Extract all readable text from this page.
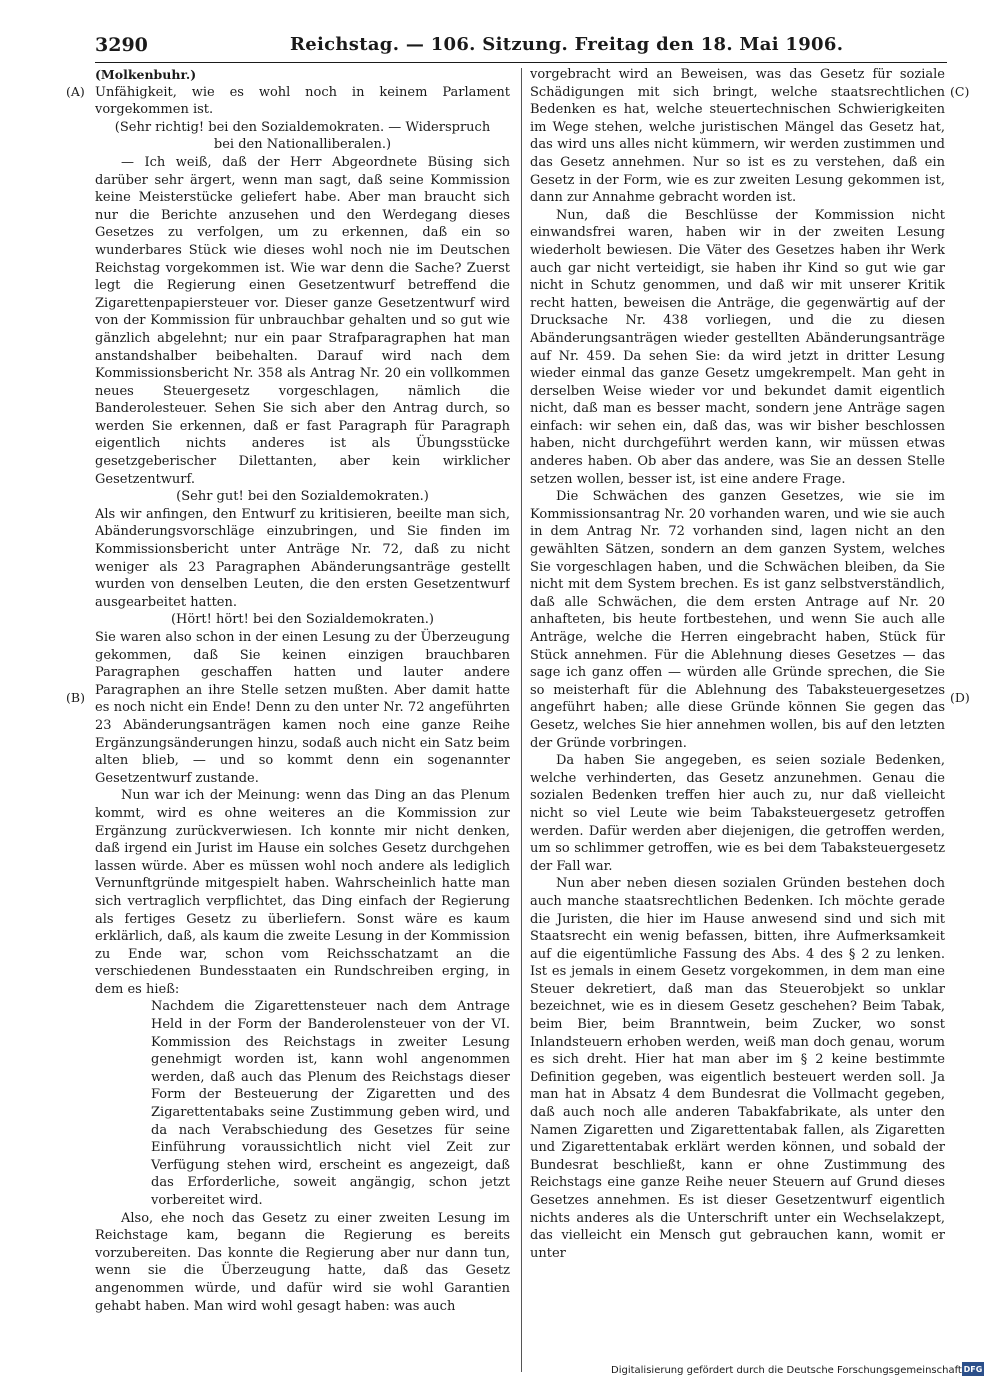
3290	Reichstag. — 106. Sitzung. Freitag den 18. Mai 1906.
(A)
(B)
(C)
(D)

(Molkenbuhr.)

Unfähigkeit, wie es wohl noch in keinem Parlament vorgekommen ist.

(Sehr richtig! bei den Sozialdemokraten. — Widerspruch bei den Nationalliberalen.)

— Ich weiß, daß der Herr Abgeordnete Büsing sich darüber sehr ärgert, wenn man sagt, daß seine Kommission keine Meisterstücke geliefert habe. Aber man braucht sich nur die Berichte anzusehen und den Werdegang dieses Gesetzes zu verfolgen, um zu erkennen, daß ein so wunderbares Stück wie dieses wohl noch nie im Deutschen Reichstag vorgekommen ist. Wie war denn die Sache? Zuerst legt die Regierung einen Gesetzentwurf betreffend die Zigarettenpapiersteuer vor. Dieser ganze Gesetzentwurf wird von der Kommission für unbrauchbar gehalten und so gut wie gänzlich abgelehnt; nur ein paar Strafparagraphen hat man anstandshalber beibehalten. Darauf wird nach dem Kommissionsbericht Nr. 358 als Antrag Nr. 20 ein vollkommen neues Steuergesetz vorgeschlagen, nämlich die Banderolesteuer. Sehen Sie sich aber den Antrag durch, so werden Sie erkennen, daß er fast Paragraph für Paragraph eigentlich nichts anderes ist als Übungsstücke gesetzgeberischer Dilettanten, aber kein wirklicher Gesetzentwurf.

(Sehr gut! bei den Sozialdemokraten.)

Als wir anfingen, den Entwurf zu kritisieren, beeilte man sich, Abänderungsvorschläge einzubringen, und Sie finden im Kommissionsbericht unter Anträge Nr. 72, daß zu nicht weniger als 23 Paragraphen Abänderungsanträge gestellt wurden von denselben Leuten, die den ersten Gesetzentwurf ausgearbeitet hatten.

(Hört! hört! bei den Sozialdemokraten.)

Sie waren also schon in der einen Lesung zu der Überzeugung gekommen, daß Sie keinen einzigen brauchbaren Paragraphen geschaffen hatten und lauter andere Paragraphen an ihre Stelle setzen mußten. Aber damit hatte es noch nicht ein Ende! Denn zu den unter Nr. 72 angeführten 23 Abänderungsanträgen kamen noch eine ganze Reihe Ergänzungsänderungen hinzu, sodaß auch nicht ein Satz beim alten blieb, — und so kommt denn ein sogenannter Gesetzentwurf zustande.

Nun war ich der Meinung: wenn das Ding an das Plenum kommt, wird es ohne weiteres an die Kommission zur Ergänzung zurückverwiesen. Ich konnte mir nicht denken, daß irgend ein Jurist im Hause ein solches Gesetz durchgehen lassen würde. Aber es müssen wohl noch andere als lediglich Vernunftgründe mitgespielt haben. Wahrscheinlich hatte man sich vertraglich verpflichtet, das Ding einfach der Regierung als fertiges Gesetz zu überliefern. Sonst wäre es kaum erklärlich, daß, als kaum die zweite Lesung in der Kommission zu Ende war, schon vom Reichsschatzamt an die verschiedenen Bundesstaaten ein Rundschreiben erging, in dem es hieß:

Nachdem die Zigarettensteuer nach dem Antrage Held in der Form der Banderolensteuer von der VI. Kommission des Reichstags in zweiter Lesung genehmigt worden ist, kann wohl angenommen werden, daß auch das Plenum des Reichstags dieser Form der Besteuerung der Zigaretten und des Zigarettentabaks seine Zustimmung geben wird, und da nach Verabschiedung des Gesetzes für seine Einführung voraussichtlich nicht viel Zeit zur Verfügung stehen wird, erscheint es angezeigt, daß das Erforderliche, soweit angängig, schon jetzt vorbereitet wird.

Also, ehe noch das Gesetz zu einer zweiten Lesung im Reichstage kam, begann die Regierung es bereits vorzubereiten. Das konnte die Regierung aber nur dann tun, wenn sie die Überzeugung hatte, daß das Gesetz angenommen würde, und dafür wird sie wohl Garantien gehabt haben. Man wird wohl gesagt haben: was auch

vorgebracht wird an Beweisen, was das Gesetz für soziale Schädigungen mit sich bringt, welche staatsrechtlichen Bedenken es hat, welche steuertechnischen Schwierigkeiten im Wege stehen, welche juristischen Mängel das Gesetz hat, das wird uns alles nicht kümmern, wir werden zustimmen und das Gesetz annehmen. Nur so ist es zu verstehen, daß ein Gesetz in der Form, wie es zur zweiten Lesung gekommen ist, dann zur Annahme gebracht worden ist.

Nun, daß die Beschlüsse der Kommission nicht einwandsfrei waren, haben wir in der zweiten Lesung wiederholt bewiesen. Die Väter des Gesetzes haben ihr Werk auch gar nicht verteidigt, sie haben ihr Kind so gut wie gar nicht in Schutz genommen, und daß wir mit unserer Kritik recht hatten, beweisen die Anträge, die gegenwärtig auf der Drucksache Nr. 438 vorliegen, und die zu diesen Abänderungsanträgen wieder gestellten Abänderungsanträge auf Nr. 459. Da sehen Sie: da wird jetzt in dritter Lesung wieder einmal das ganze Gesetz umgekrempelt. Man geht in derselben Weise wieder vor und bekundet damit eigentlich nicht, daß man es besser macht, sondern jene Anträge sagen einfach: wir sehen ein, daß das, was wir bisher beschlossen haben, nicht durchgeführt werden kann, wir müssen etwas anderes haben. Ob aber das andere, was Sie an dessen Stelle setzen wollen, besser ist, ist eine andere Frage.

Die Schwächen des ganzen Gesetzes, wie sie im Kommissionsantrag Nr. 20 vorhanden waren, und wie sie auch in dem Antrag Nr. 72 vorhanden sind, lagen nicht an den gewählten Sätzen, sondern an dem ganzen System, welches Sie vorgeschlagen haben, und die Schwächen bleiben, da Sie nicht mit dem System brechen. Es ist ganz selbstverständlich, daß alle Schwächen, die dem ersten Antrage auf Nr. 20 anhafteten, bis heute fortbestehen, und wenn Sie auch alle Anträge, welche die Herren eingebracht haben, Stück für Stück annehmen. Für die Ablehnung dieses Gesetzes — das sage ich ganz offen — würden alle Gründe sprechen, die Sie so meisterhaft für die Ablehnung des Tabaksteuergesetzes angeführt haben; alle diese Gründe können Sie gegen das Gesetz, welches Sie hier annehmen wollen, bis auf den letzten der Gründe vorbringen.

Da haben Sie angegeben, es seien soziale Bedenken, welche verhinderten, das Gesetz anzunehmen. Genau die sozialen Bedenken treffen hier auch zu, nur daß vielleicht nicht so viel Leute wie beim Tabaksteuergesetz getroffen werden. Dafür werden aber diejenigen, die getroffen werden, um so schlimmer getroffen, wie es bei dem Tabaksteuergesetz der Fall war.

Nun aber neben diesen sozialen Gründen bestehen doch auch manche staatsrechtlichen Bedenken. Ich möchte gerade die Juristen, die hier im Hause anwesend sind und sich mit Staatsrecht ein wenig befassen, bitten, ihre Aufmerksamkeit auf die eigentümliche Fassung des Abs. 4 des § 2 zu lenken. Ist es jemals in einem Gesetz vorgekommen, in dem man eine Steuer dekretiert, daß man das Steuerobjekt so unklar bezeichnet, wie es in diesem Gesetz geschehen? Beim Tabak, beim Bier, beim Branntwein, beim Zucker, wo sonst Inlandsteuern erhoben werden, weiß man doch genau, worum es sich dreht. Hier hat man aber im § 2 keine bestimmte Definition gegeben, was eigentlich besteuert werden soll. Ja man hat in Absatz 4 dem Bundesrat die Vollmacht gegeben, daß auch noch alle anderen Tabakfabrikate, als unter den Namen Zigaretten und Zigarettentabak fallen, als Zigaretten und Zigarettentabak erklärt werden können, und sobald der Bundesrat beschließt, kann er ohne Zustimmung des Reichstags eine ganze Reihe neuer Steuern auf Grund dieses Gesetzes annehmen. Es ist dieser Gesetzentwurf eigentlich nichts anderes als die Unterschrift unter ein Wechselakzept, das vielleicht ein Mensch gut gebrauchen kann, womit er unter

Digitalisierung gefördert durch die Deutsche Forschungsgemeinschaft DFG
